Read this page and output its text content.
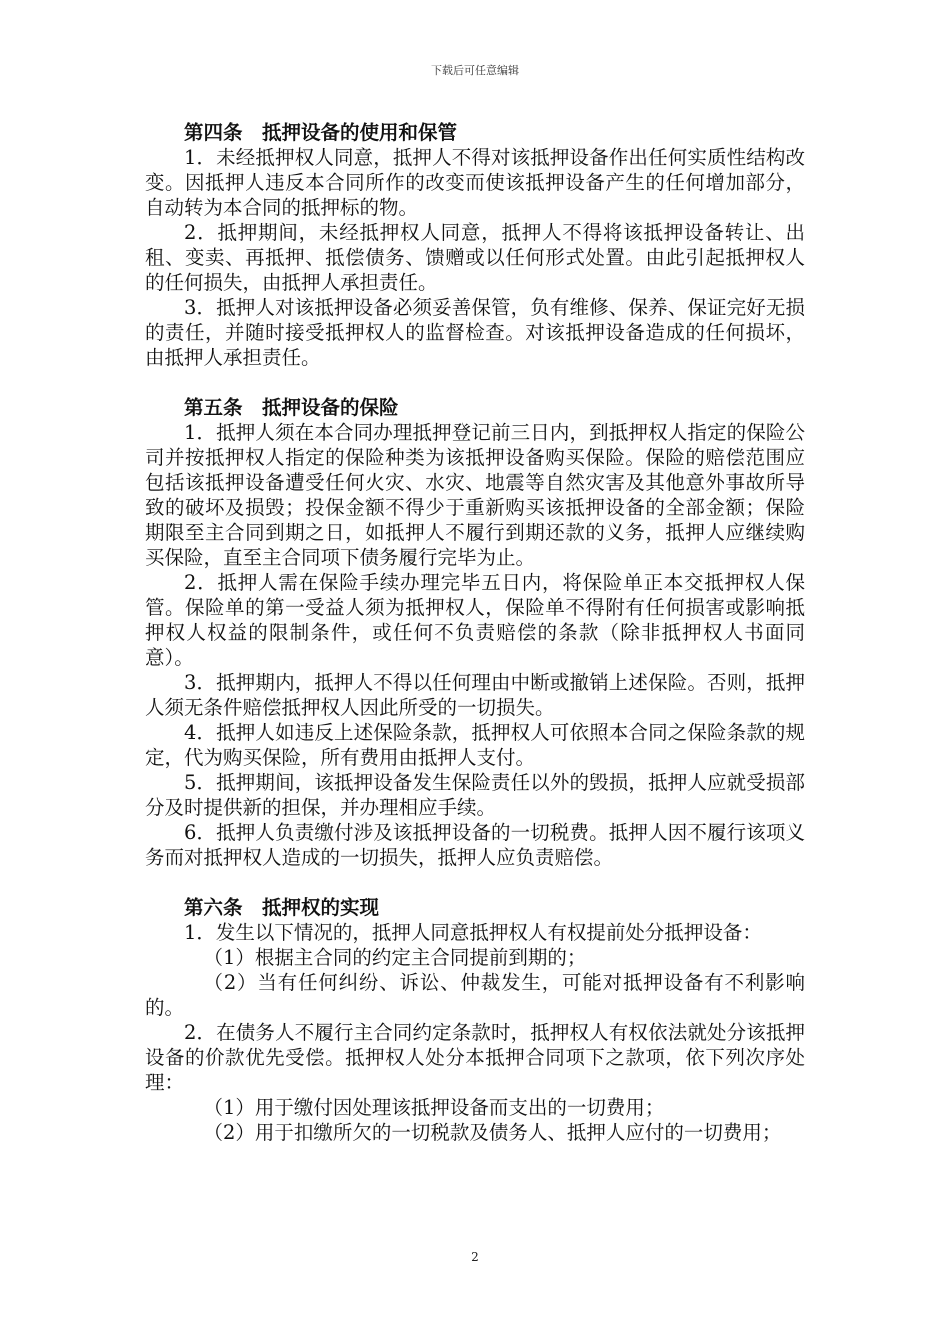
下载后可任意编辑
第四条　抵押设备的使用和保管

1．未经抵押权人同意，抵押人不得对该抵押设备作出任何实质性结构改变。因抵押人违反本合同所作的改变而使该抵押设备产生的任何增加部分，自动转为本合同的抵押标的物。

2．抵押期间，未经抵押权人同意，抵押人不得将该抵押设备转让、出租、变卖、再抵押、抵偿债务、馈赠或以任何形式处置。由此引起抵押权人的任何损失，由抵押人承担责任。

3．抵押人对该抵押设备必须妥善保管，负有维修、保养、保证完好无损的责任，并随时接受抵押权人的监督检查。对该抵押设备造成的任何损坏，由抵押人承担责任。

第五条　抵押设备的保险

1．抵押人须在本合同办理抵押登记前三日内，到抵押权人指定的保险公司并按抵押权人指定的保险种类为该抵押设备购买保险。保险的赔偿范围应包括该抵押设备遭受任何火灾、水灾、地震等自然灾害及其他意外事故所导致的破坏及损毁；投保金额不得少于重新购买该抵押设备的全部金额；保险期限至主合同到期之日，如抵押人不履行到期还款的义务，抵押人应继续购买保险，直至主合同项下债务履行完毕为止。

2．抵押人需在保险手续办理完毕五日内，将保险单正本交抵押权人保管。保险单的第一受益人须为抵押权人，保险单不得附有任何损害或影响抵押权人权益的限制条件，或任何不负责赔偿的条款（除非抵押权人书面同意）。

3．抵押期内，抵押人不得以任何理由中断或撤销上述保险。否则，抵押人须无条件赔偿抵押权人因此所受的一切损失。

4．抵押人如违反上述保险条款，抵押权人可依照本合同之保险条款的规定，代为购买保险，所有费用由抵押人支付。

5．抵押期间，该抵押设备发生保险责任以外的毁损，抵押人应就受损部分及时提供新的担保，并办理相应手续。

6．抵押人负责缴付涉及该抵押设备的一切税费。抵押人因不履行该项义务而对抵押权人造成的一切损失，抵押人应负责赔偿。

第六条　抵押权的实现

1．发生以下情况的，抵押人同意抵押权人有权提前处分抵押设备：

（1）根据主合同的约定主合同提前到期的；

（2）当有任何纠纷、诉讼、仲裁发生，可能对抵押设备有不利影响的。

2．在债务人不履行主合同约定条款时，抵押权人有权依法就处分该抵押设备的价款优先受偿。抵押权人处分本抵押合同项下之款项，依下列次序处理：

（1）用于缴付因处理该抵押设备而支出的一切费用；

（2）用于扣缴所欠的一切税款及债务人、抵押人应付的一切费用；

2
